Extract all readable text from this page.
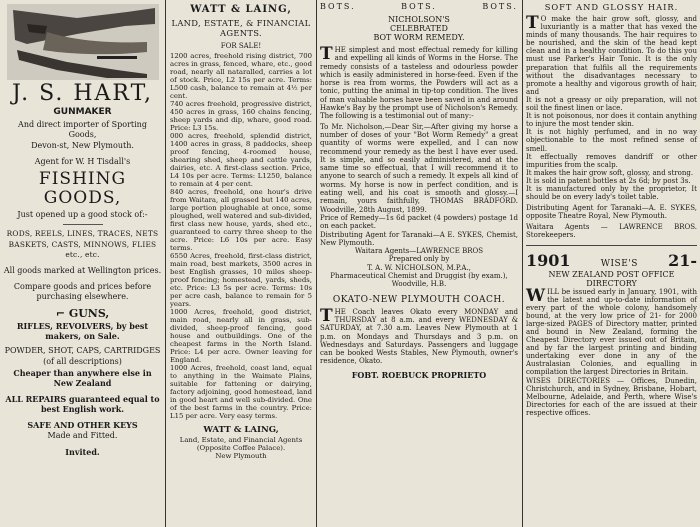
J. S. HART,

GUNMAKER

And direct importer of Sporting Goods,

Devon-st, New Plymouth.

Agent for W. H Tisdall's

FISHING GOODS,

Just opened up a good stock of:-

RODS, REELS, LINES, TRACES, NETS

BASKETS, CASTS, MINNOWS, FLIES

etc., etc.

All goods marked at Wellington prices.

Compare goods and prices before purchasing elsewhere.

⌐ GUNS,

RIFLES, REVOLVERS, by best makers, on Sale.

POWDER, SHOT, CAPS, CARTRIDGES

(of all descriptions)

Cheaper than anywhere else in New Zealand

ALL REPAIRS guaranteed equal to best English work.

SAFE AND OTHER KEYS

Made and Fitted.

Invited.

WATT & LAING,

LAND, ESTATE, & FINANCIAL AGENTS.

FOR SALE!

1200 acres, freehold rising district, 700 acres in grass, fenced, whare, etc., good road, nearly all nataralled, carries a lot of stock. Price, L2 15s per acre. Terms: L500 cash, balance to remain at 4½ per cent.

740 acres freehold, progressive district, 450 acres in grass, 160 chains fencing, sheep yards and dip, whare, good road. Price: L3 15s.

000 acres, freehold, splendid district, 1400 acres in grass, 8 paddocks, sheep proof fencing, 4-roomed house, shearing shed, sheep and cattle yards, dairies, etc. A first-class section. Price, L4 10s per acre. Terms: L1250, balance to remain at 4 per cent.

840 acres, freehold, one hour's drive from Waitara, all grassed but 140 acres, large portion ploughable at once, some ploughed, well watered and sub-divided, first class new house, yards, shed etc., guaranteed to carry three sheep to the acre. Price: L6 10s per acre. Easy terms.

6550 Acres, freehold, first-class district, main road, best markets, 3500 acres in best English grasses, 10 miles sheep-proof fencing; homestead, yards, sheds, etc. Price: L3 5s per acre. Terms: 10s per acre cash, balance to remain for 5 years.

1000 Acres, freehold, good district, main road, nearly all in grass, sub-divided, sheep-proof fencing, good house and outbuildings. One of the cheapest farms in the North Island. Price: L4 per acre. Owner leaving for England.

1000 Acres, freehold, coast land, equal to anything in the Waimate Plains, suitable for fattening or dairying, factory adjoining, good homestead, land in good heart and well sub-divided. One of the best farms in the country. Price: L15 per acre. Very easy terms.

WATT & LAING,

Land, Estate, and Financial Agents (Opposite Coffee Palace).

New Plymouth

BOTS.	BOTS.	BOTS.

NICHOLSON'S

CELEBRATED

BOT WORM REMEDY.

THE simplest and most effectual remedy for killing and expelling all kinds of Worms in the Horse. The remedy consists of a tasteless and odourless powder which is easily administered in horse-feed. Even if the horse is rea from worms, the Powders will act as a tonic, putting the animal in tip-top condition. The lives of man valuable horses have been saved in and around Hawke's Bay by the prompt use of Nicholson's Remedy. The following is a testimonial out of many:-

To Mr. Nicholson,—Dear Sir,—After giving my horse a number of doses of your "Bot Worm Remedy" a great quantity of worms were expelled, and I can now recommend your remedy as the best I have ever used. It is simple, and so easily administered, and at the same time so effectual, that I will recommend it to anyone to search of such a remedy. It expels all kind of worms. My horse is now in perfect condition, and is eating well, and his coat is smooth and glossy.—I remain, yours faithfully, THOMAS BRADFORD. Woodville, 28th August, 1899.

Price of Remedy—1s 6d packet (4 powders) postage 1d on each packet.

Distributing Agent for Taranaki—A E. SYKES, Chemist, New Plymouth.

Waitara Agents—LAWRENCE BROS

Prepared only by

T. A. W. NICHOLSON, M.P.A.,

Pharmaceutical Chemist and Druggist (by exam.), Woodville, H.B.

OKATO-NEW PLYMOUTH COACH.

THE Coach leaves Okato every MONDAY and THURSDAY at 8 a.m. and every WEDNESDAY & SATURDAY, at 7.30 a.m. Leaves New Plymouth at 1 p.m. on Mondays and Thursdays and 3 p.m. on Wednesdays and Saturdays. Passengers and luggage can be booked Wests Stables, New Plymouth, owner's residence, Okato.

FOBT. ROEBUCK PROPRIETO

SOFT AND GLOSSY HAIR.

T O make the hair grow soft, glossy, and luxuriantly is a matter that has vexed the minds of many thousands. The hair requires to be nourished, and the skin of the head kept clean and in a healthy condition. To do this you must use Parker's Hair Tonic. It is the only preparation that fulfils all the requirements without the disadvantages necessary to promote a healthy and vigorous growth of hair, and

It is not a greasy or oily preparation, will not soil the finest linen or lace.

It is not poisonous, nor does it contain anything to injure the most tender skin.

It is not highly perfumed, and in no way objectionable to the most refined sense of smell.

It effectually removes dandriff or other impurities from the scalp.

It makes the hair grow soft, glossy, and strong.

It is sold in patent bottles at 2s 6d; by post 3s.

It is manufactured only by the proprietor, It should be on every lady's toilet table.

Distributing Agent for Taranaki—A. E. SYKES, opposite Theatre Royal, New Plymouth.

Waitara Agents — LAWRENCE BROS. Storekeepers.

1901	WISE'S 21-

NEW ZEALAND POST OFFICE DIRECTORY

WILL be issued early in January, 1901, with the latest and up-to-date information of every part of the whole colony, handsomely bound, at the very low price of 21- for 2000 large-sized PAGES of Directory matter, printed and bound in New Zealand, forming the Cheapest Directory ever issued out of Britain, and by far the largest printing and binding undertaking ever done in any of the Australasian Colonies, and equalling in compilation the largest Directories in Britain.

WISES DIRECTORIES — Offices, Dunedin, Christchurch, and in Sydney, Brisbane, Hobart, Melbourne, Adelaide, and Perth, where Wise's Directories for each of the are issued at their respective offices.
